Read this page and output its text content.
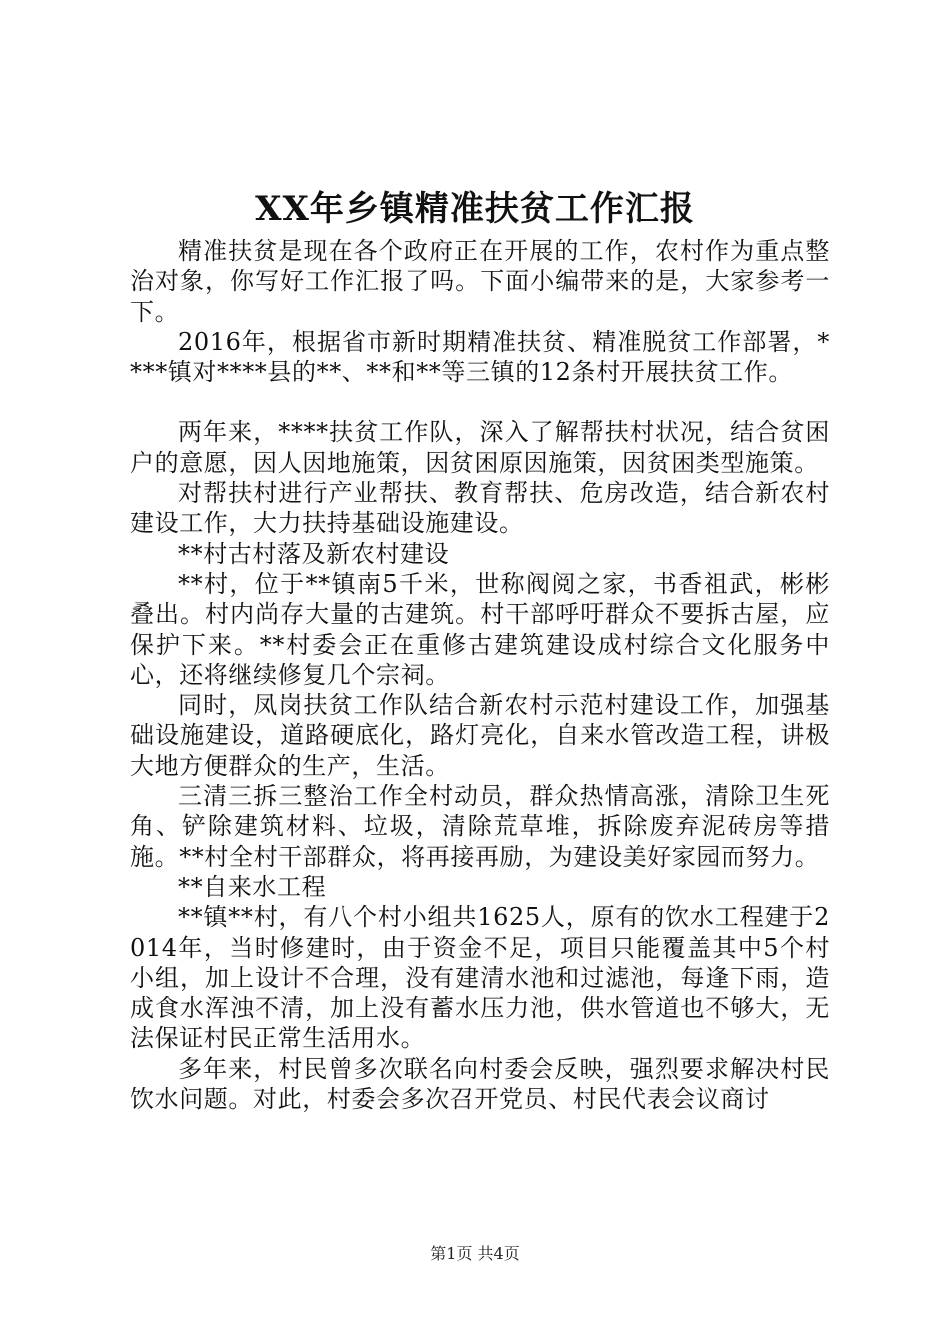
XX年乡镇精准扶贫工作汇报

精准扶贫是现在各个政府正在开展的工作，农村作为重点整治对象，你写好工作汇报了吗。下面小编带来的是，大家参考一下。

2016年，根据省市新时期精准扶贫、精准脱贫工作部署，****镇对****县的**、**和**等三镇的12条村开展扶贫工作。

两年来，****扶贫工作队，深入了解帮扶村状况，结合贫困户的意愿，因人因地施策，因贫困原因施策，因贫困类型施策。

对帮扶村进行产业帮扶、教育帮扶、危房改造，结合新农村建设工作，大力扶持基础设施建设。

**村古村落及新农村建设

**村，位于**镇南5千米，世称阀阅之家，书香祖武，彬彬叠出。村内尚存大量的古建筑。村干部呼吁群众不要拆古屋，应保护下来。**村委会正在重修古建筑建设成村综合文化服务中心，还将继续修复几个宗祠。

同时，凤岗扶贫工作队结合新农村示范村建设工作，加强基础设施建设，道路硬底化，路灯亮化，自来水管改造工程，讲极大地方便群众的生产，生活。

三清三拆三整治工作全村动员，群众热情高涨，清除卫生死角、铲除建筑材料、垃圾，清除荒草堆，拆除废弃泥砖房等措施。**村全村干部群众，将再接再励，为建设美好家园而努力。

**自来水工程

**镇**村，有八个村小组共1625人，原有的饮水工程建于2014年，当时修建时，由于资金不足，项目只能覆盖其中5个村小组，加上设计不合理，没有建清水池和过滤池，每逢下雨，造成食水浑浊不清，加上没有蓄水压力池，供水管道也不够大，无法保证村民正常生活用水。

多年来，村民曾多次联名向村委会反映，强烈要求解决村民饮水问题。对此，村委会多次召开党员、村民代表会议商讨

第1页 共4页
